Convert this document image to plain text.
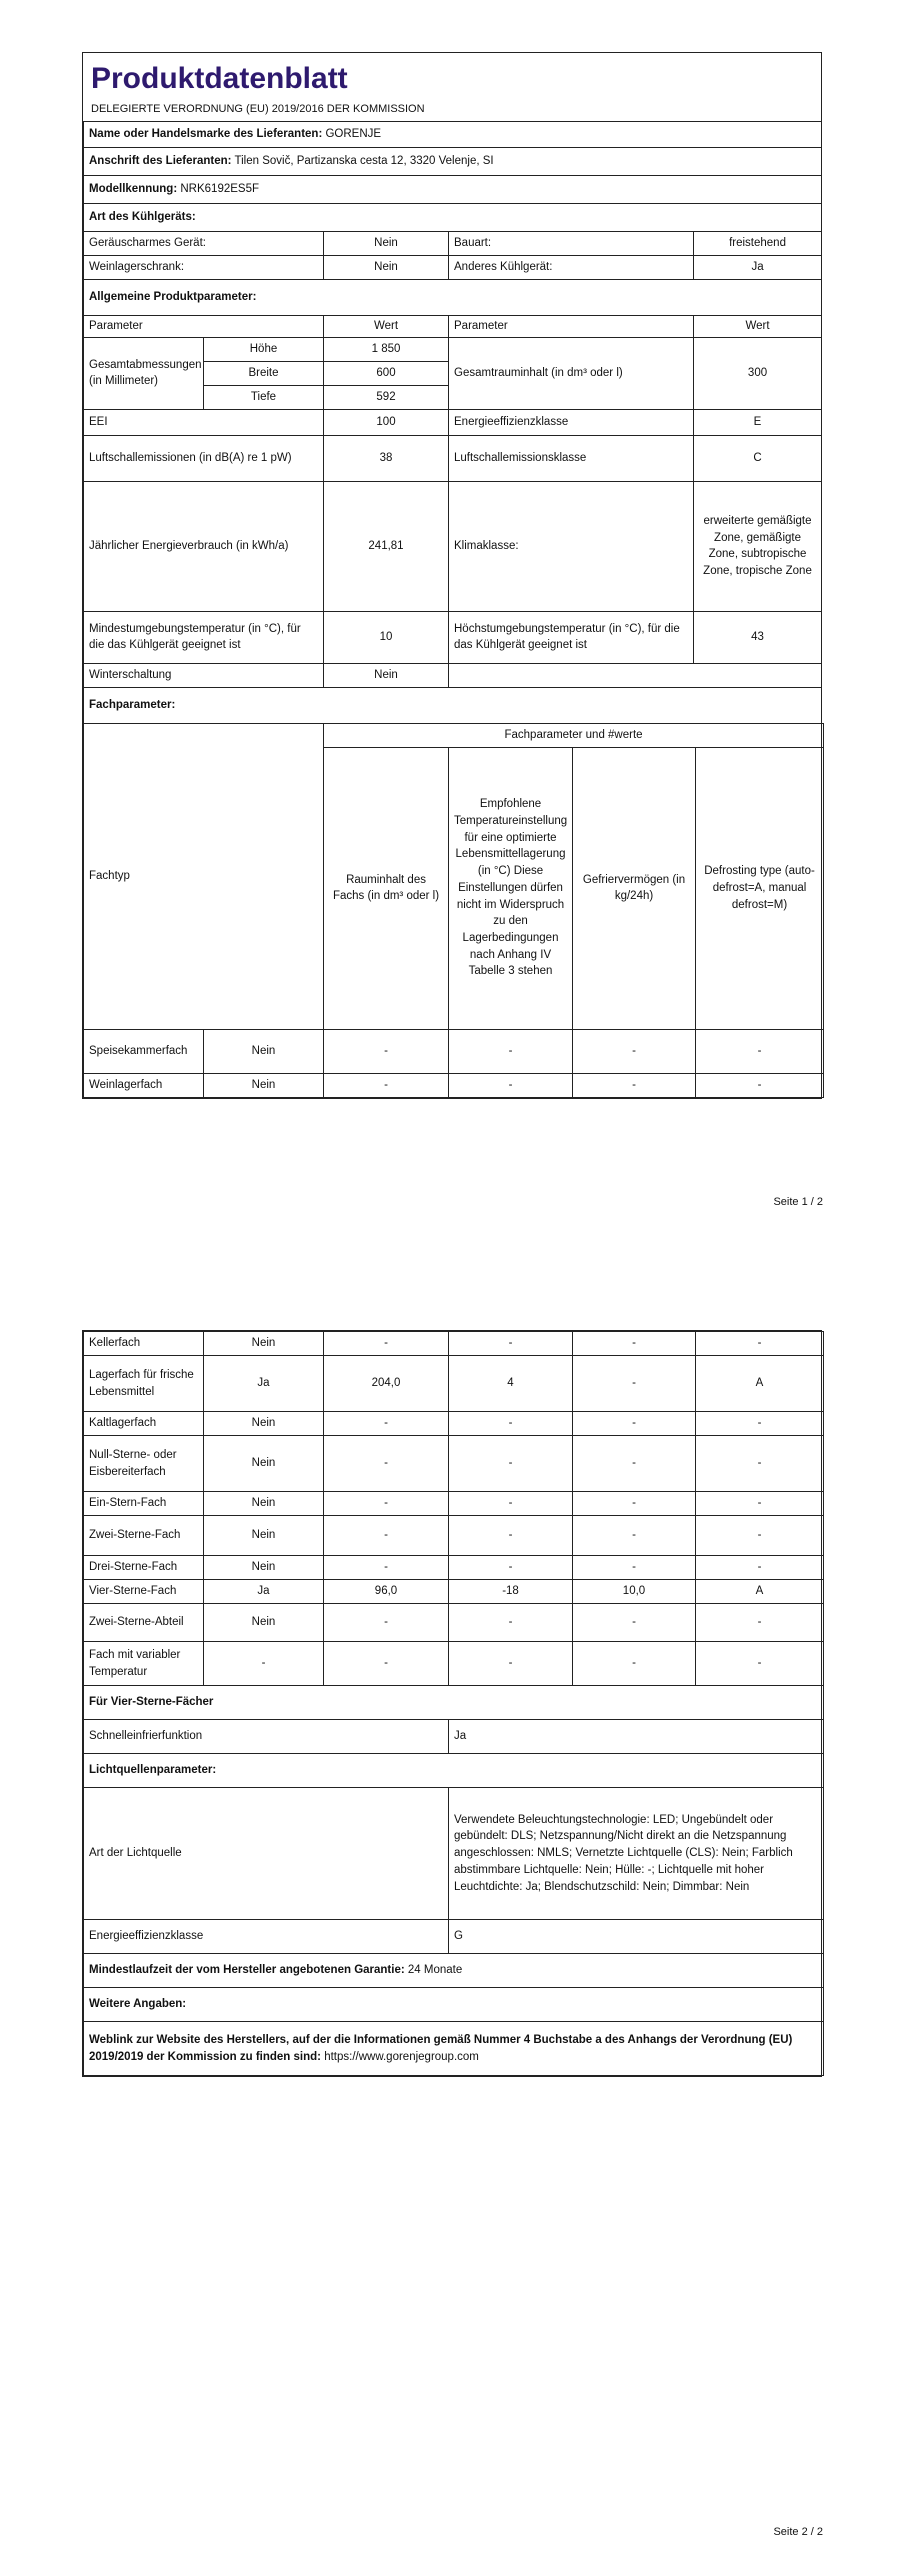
Produktdatenblatt
DELEGIERTE VERORDNUNG (EU) 2019/2016 DER KOMMISSION
Name oder Handelsmarke des Lieferanten: GORENJE				
Anschrift des Lieferanten: Tilen Sovič, Partizanska cesta 12, 3320 Velenje, SI				
Modellkennung: NRK6192ES5F				
Art des Kühlgeräts:				
Geräuscharmes Gerät:		Nein	Bauart:	freistehend
Weinlagerschrank:		Nein	Anderes Kühlgerät:	Ja
Allgemeine Produktparameter:				
Parameter		Wert	Parameter	Wert
Gesamtabmessungen (in Millimeter)	Höhe	1 850	Gesamtrauminhalt (in dm³ oder l)	300
	Breite	600		
	Tiefe	592		
EEI		100	Energieeffizienzklasse	E
Luftschallemissionen (in dB(A) re 1 pW)		38	Luftschallemissionsklasse	C
Jährlicher Energieverbrauch (in kWh/a)		241,81	Klimaklasse:	erweiterte gemäßigte Zone, gemäßigte Zone, subtropische Zone, tropische Zone
Mindestumgebungstemperatur (in °C), für die das Kühlgerät geeignet ist		10	Höchstumgebungstemperatur (in °C), für die das Kühlgerät geeignet ist	43
Winterschaltung		Nein		
Fachparameter:				
Fachtyp		Fachparameter und #werte			
		Rauminhalt des Fachs (in dm³ oder l)	Empfohlene Temperatureinstellung für eine optimierte Lebensmittellagerung (in °C) Diese Einstellungen dürfen nicht im Widerspruch zu den Lagerbedingungen nach Anhang IV Tabelle 3 stehen	Gefriervermögen (in kg/24h)	Defrosting type (auto-defrost=A, manual defrost=M)
Speisekammerfach	Nein	-	-	-	-
Weinlagerfach	Nein	-	-	-	-
Seite 1 / 2
Kellerfach	Nein	-	-	-	-
Lagerfach für frische Lebensmittel	Ja	204,0	4	-	A
Kaltlagerfach	Nein	-	-	-	-
Null-Sterne- oder Eisbereiterfach	Nein	-	-	-	-
Ein-Stern-Fach	Nein	-	-	-	-
Zwei-Sterne-Fach	Nein	-	-	-	-
Drei-Sterne-Fach	Nein	-	-	-	-
Vier-Sterne-Fach	Ja	96,0	-18	10,0	A
Zwei-Sterne-Abteil	Nein	-	-	-	-
Fach mit variabler Temperatur	-	-	-	-	-
Für Vier-Sterne-Fächer	
Schnelleinfrierfunktion	Ja
Lichtquellenparameter:	
Art der Lichtquelle	Verwendete Beleuchtungstechnologie: LED; Ungebündelt oder gebündelt: DLS; Netzspannung/Nicht direkt an die Netzspannung angeschlossen: NMLS; Vernetzte Lichtquelle (CLS): Nein; Farblich abstimmbare Lichtquelle: Nein; Hülle: -; Lichtquelle mit hoher Leuchtdichte: Ja; Blendschutzschild: Nein; Dimmbar: Nein
Energieeffizienzklasse	G
Mindestlaufzeit der vom Hersteller angebotenen Garantie: 24 Monate	
Weitere Angaben:	
Weblink zur Website des Herstellers, auf der die Informationen gemäß Nummer 4 Buchstabe a des Anhangs der Verordnung (EU) 2019/2019 der Kommission zu finden sind: https://www.gorenjegroup.com	
Seite 2 / 2
